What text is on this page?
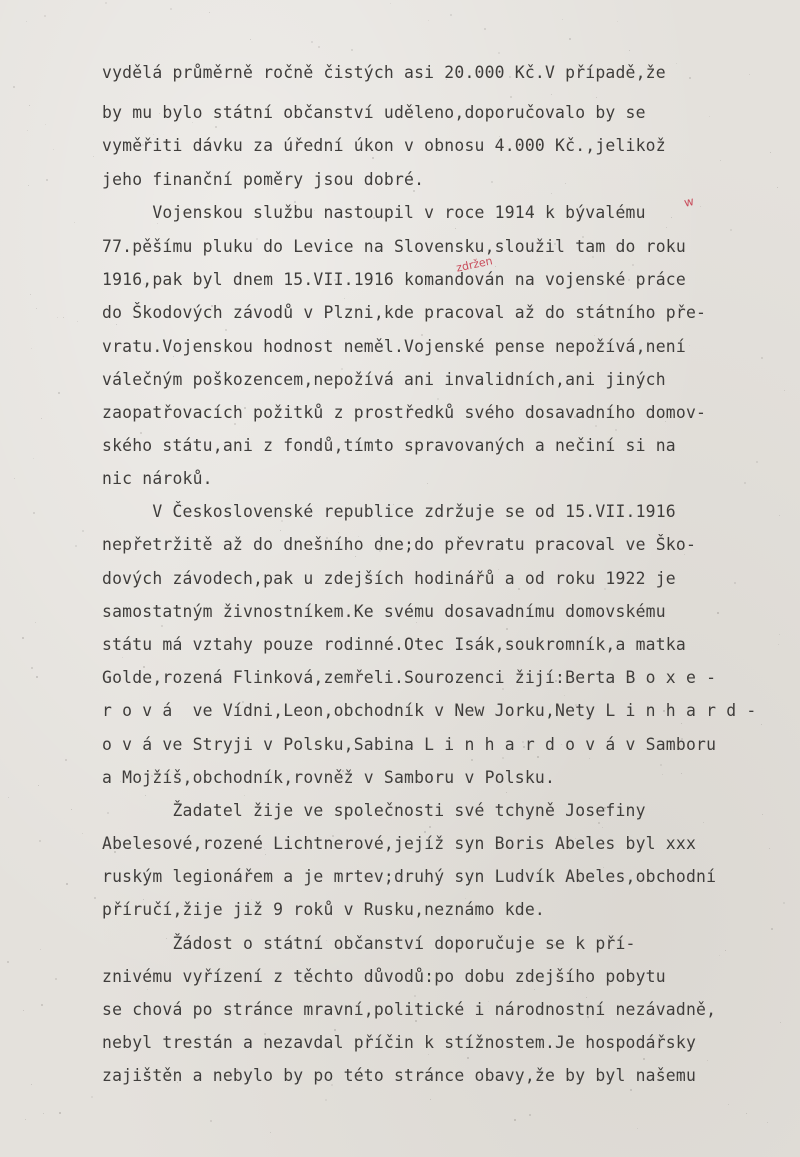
vydělá průměrně ročně čistých asi 20.000 Kč.V případě,že
by mu bylo státní občanství uděleno,doporučovalo by se
vyměřiti dávku za úřední úkon v obnosu 4.000 Kč.,jelikož
jeho finanční poměry jsou dobré.
Vojenskou službu nastoupil v roce 1914 k bývalému
77.pěšímu pluku do Levice na Slovensku,sloužil tam do roku
1916,pak byl dnem 15.VII.1916 komandován na vojenské práce
do Škodových závodů v Plzni,kde pracoval až do státního pře-
vratu.Vojenskou hodnost neměl.Vojenské pense nepožívá,není
válečným poškozencem,nepožívá ani invalidních,ani jiných
zaopatřovacích požitků z prostředků svého dosavadního domov-
ského státu,ani z fondů,tímto spravovaných a nečiní si na
nic nároků.
V Československé republice zdržuje se od 15.VII.1916
nepřetržitě až do dnešního dne;do převratu pracoval ve Ško-
dových závodech,pak u zdejších hodinářů a od roku 1922 je
samostatným živnostníkem.Ke svému dosavadnímu domovskému
státu má vztahy pouze rodinné.Otec Isák,soukromník,a matka
Golde,rozená Flinková,zemřeli.Sourozenci žijí:Berta B o x e -
r o v á  ve Vídni,Leon,obchodník v New Jorku,Nety L i n h a r d -
o v á ve Stryji v Polsku,Sabina L i n h a r d o v á v Samboru
a Mojžíš,obchodník,rovněž v Samboru v Polsku.
Žadatel žije ve společnosti své tchyně Josefiny
Abelesové,rozené Lichtnerové,jejíž syn Boris Abeles byl xxx
ruským legionářem a je mrtev;druhý syn Ludvík Abeles,obchodní
příručí,žije již 9 roků v Rusku,neznámo kde.
Žádost o státní občanství doporučuje se k pří-
znivému vyřízení z těchto důvodů:po dobu zdejšího pobytu
se chová po stránce mravní,politické i národnostní nezávadně,
nebyl trestán a nezavdal příčin k stížnostem.Je hospodářsky
zajištěn a nebylo by po této stránce obavy,že by byl našemu
w
zdržen
